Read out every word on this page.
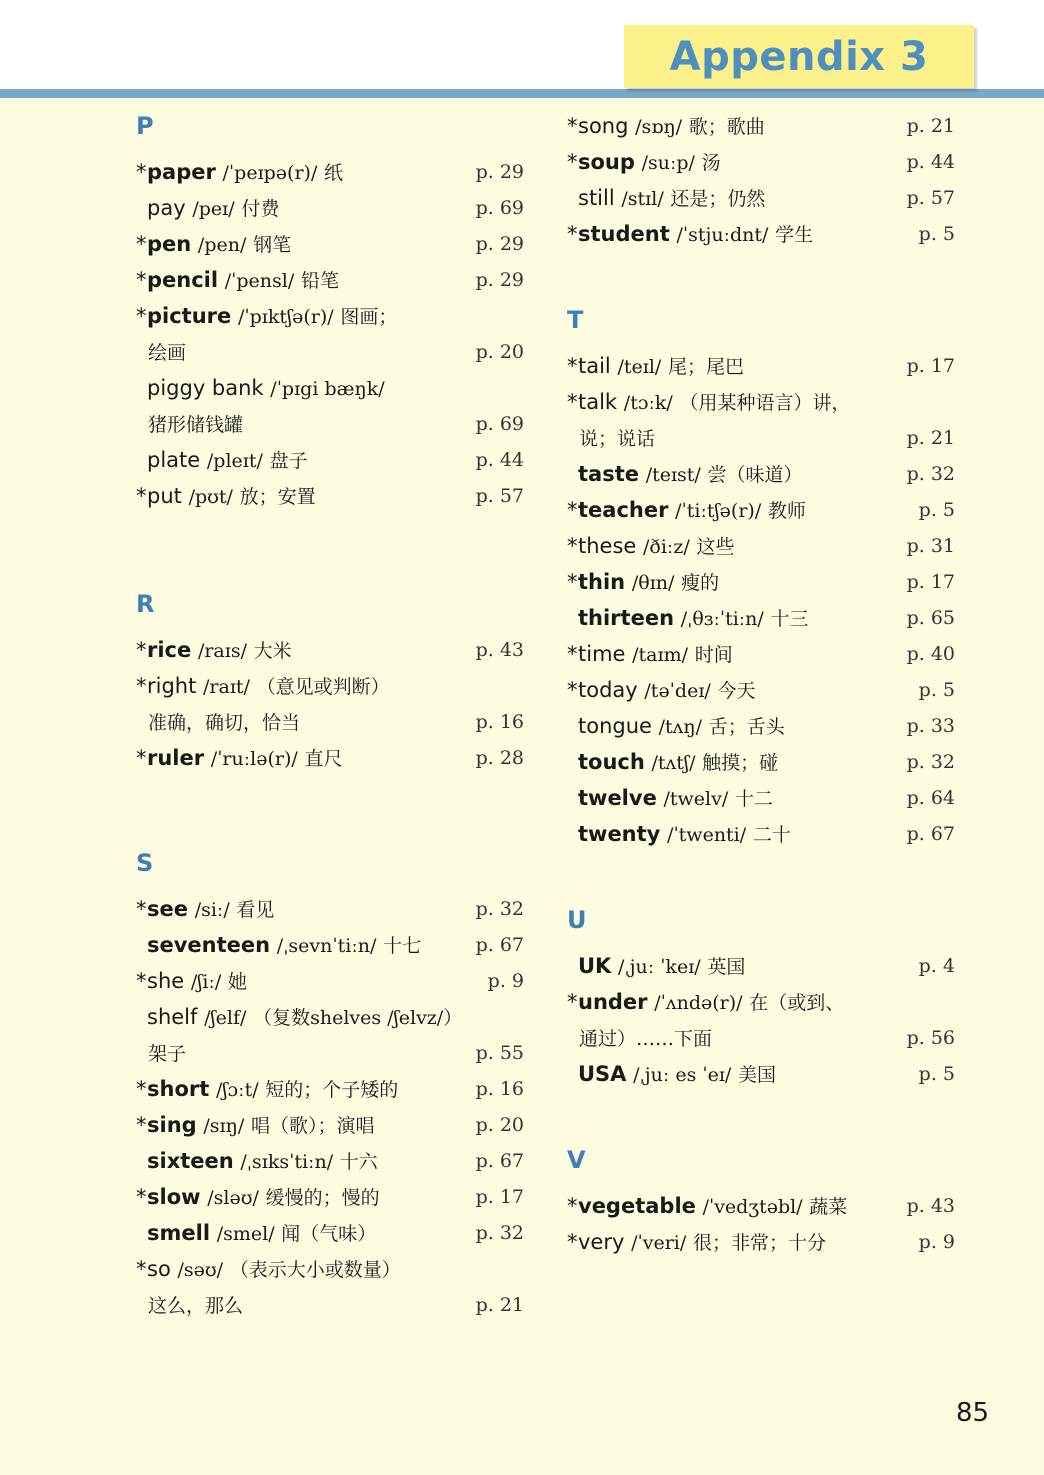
Appendix 3
P
*paper /ˈpeɪpə(r)/ 纸	p. 29
pay /peɪ/ 付费	p. 69
*pen /pen/ 钢笔	p. 29
*pencil /ˈpensl/ 铅笔	p. 29
*picture /ˈpɪktʃə(r)/ 图画；
绘画	p. 20
piggy bank /ˈpɪgi bæŋk/
猪形储钱罐	p. 69
plate /pleɪt/ 盘子	p. 44
*put /pʊt/ 放；安置	p. 57
R
*rice /raɪs/ 大米	p. 43
*right /raɪt/ （意见或判断）
准确，确切，恰当	p. 16
*ruler /ˈruːlə(r)/ 直尺	p. 28
S
*see /siː/ 看见	p. 32
seventeen /ˌsevnˈtiːn/ 十七	p. 67
*she /ʃiː/ 她	p. 9
shelf /ʃelf/ （复数shelves /ʃelvz/）
架子	p. 55
*short /ʃɔːt/ 短的；个子矮的	p. 16
*sing /sɪŋ/ 唱（歌）；演唱	p. 20
sixteen /ˌsɪksˈtiːn/ 十六	p. 67
*slow /sləʊ/ 缓慢的；慢的	p. 17
smell /smel/ 闻（气味）	p. 32
*so /səʊ/ （表示大小或数量）
这么，那么	p. 21
*song /sɒŋ/ 歌；歌曲	p. 21
*soup /suːp/ 汤	p. 44
still /stɪl/ 还是；仍然	p. 57
*student /ˈstjuːdnt/ 学生	p. 5
T
*tail /teɪl/ 尾；尾巴	p. 17
*talk /tɔːk/ （用某种语言）讲，
说；说话	p. 21
taste /teɪst/ 尝（味道）	p. 32
*teacher /ˈtiːtʃə(r)/ 教师	p. 5
*these /ðiːz/ 这些	p. 31
*thin /θɪn/ 瘦的	p. 17
thirteen /ˌθɜːˈtiːn/ 十三	p. 65
*time /taɪm/ 时间	p. 40
*today /təˈdeɪ/ 今天	p. 5
tongue /tʌŋ/ 舌；舌头	p. 33
touch /tʌtʃ/ 触摸；碰	p. 32
twelve /twelv/ 十二	p. 64
twenty /ˈtwenti/ 二十	p. 67
U
UK /ˌjuː ˈkeɪ/ 英国	p. 4
*under /ˈʌndə(r)/ 在（或到、
通过）……下面	p. 56
USA /ˌjuː es ˈeɪ/ 美国	p. 5
V
*vegetable /ˈvedʒtəbl/ 蔬菜	p. 43
*very /ˈveri/ 很；非常；十分	p. 9
85
